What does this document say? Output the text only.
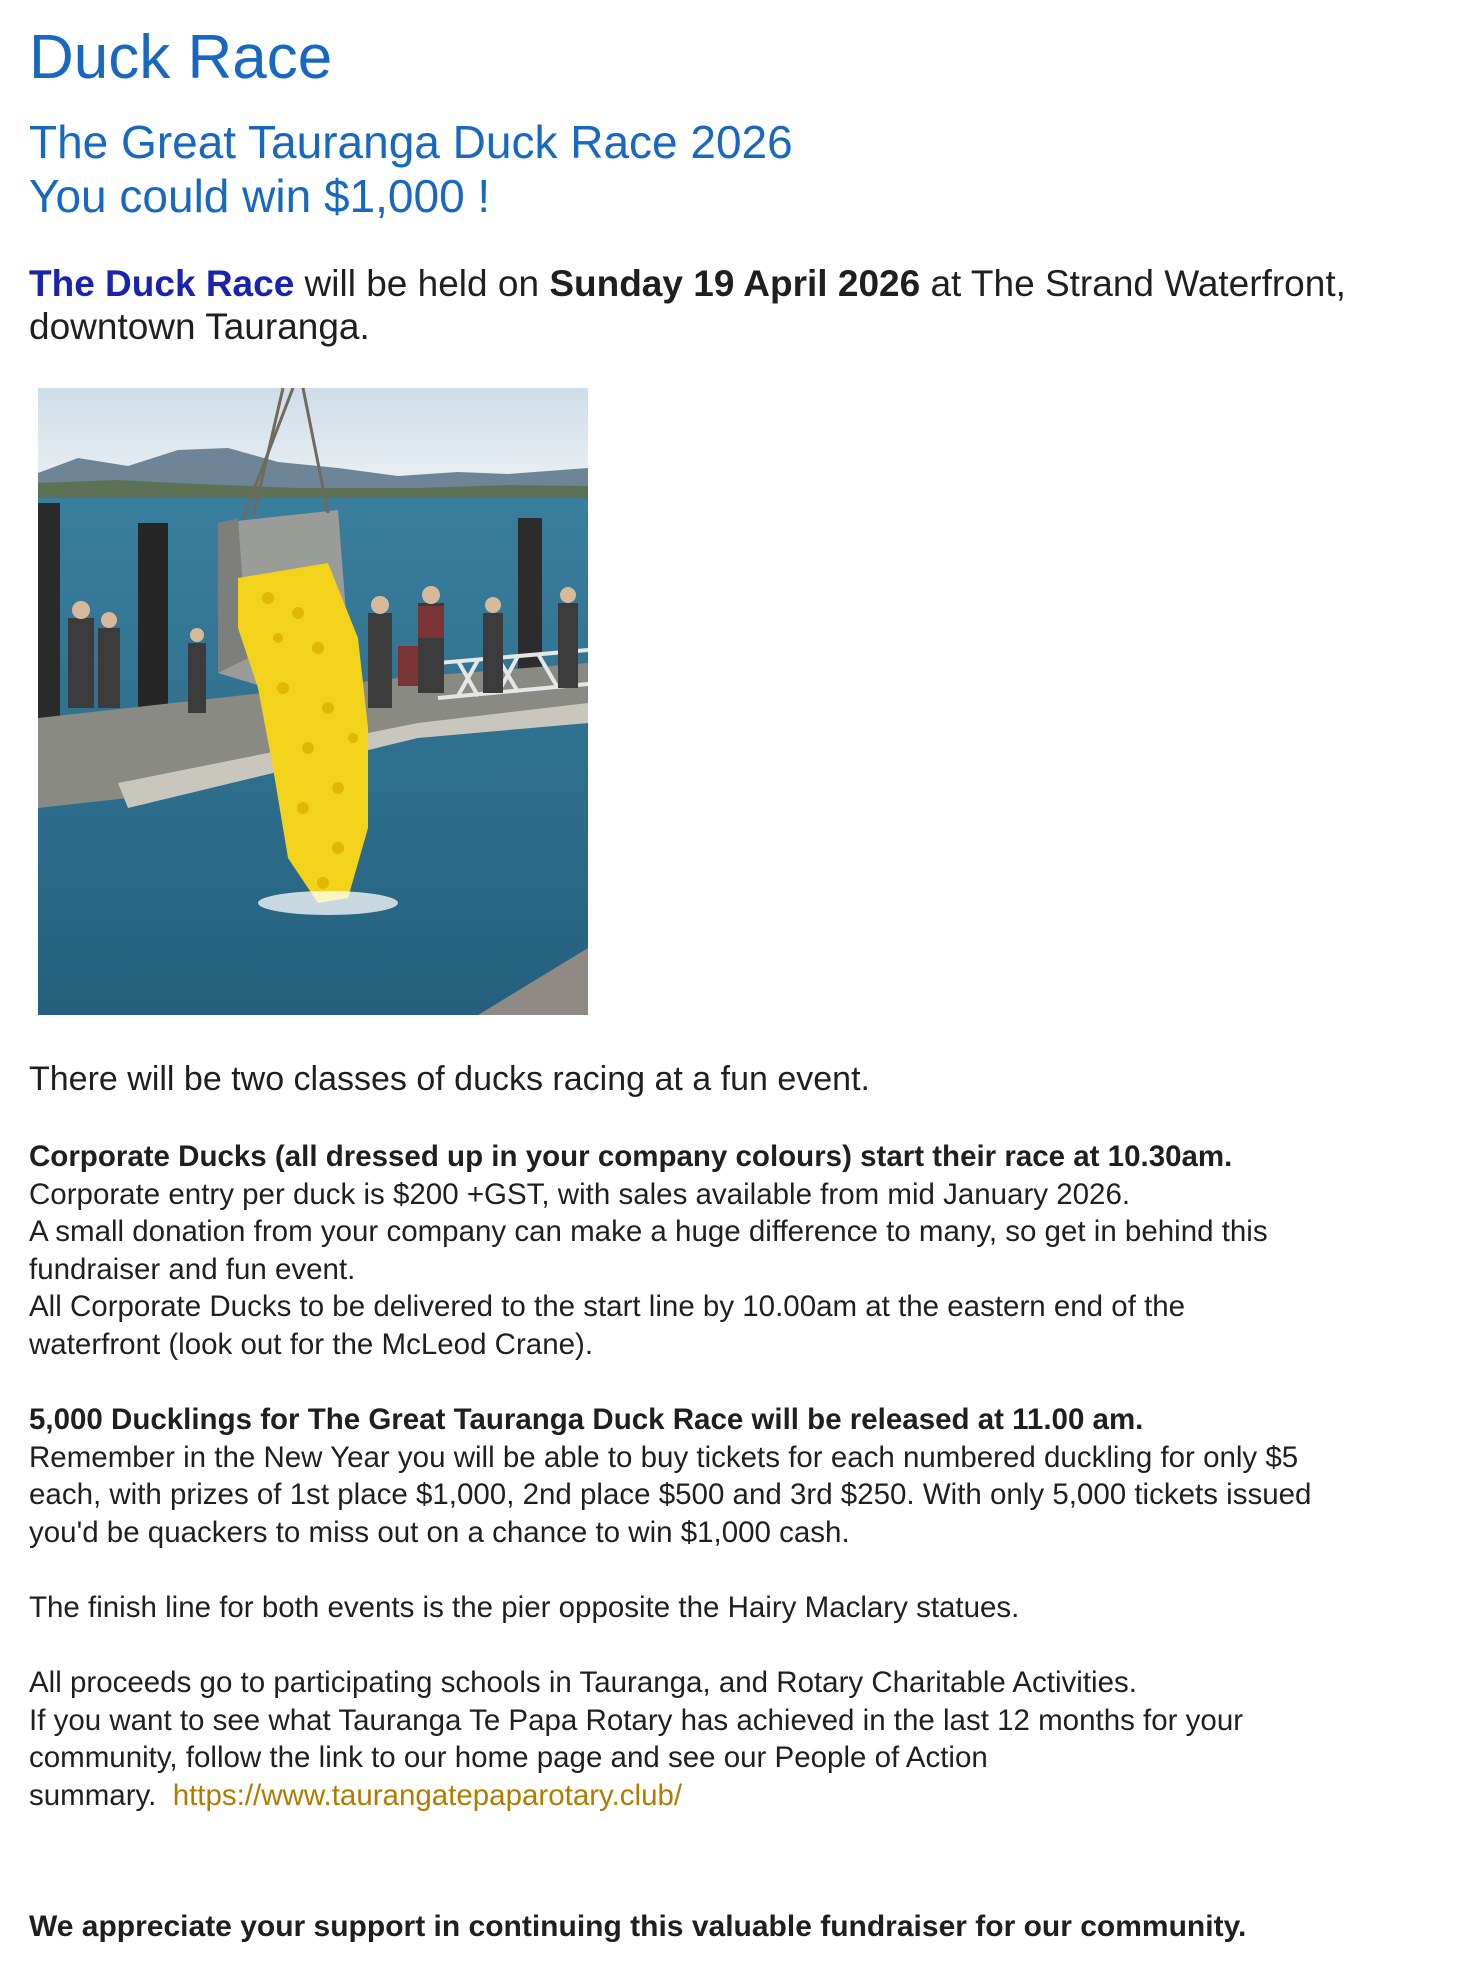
Duck Race
The Great Tauranga Duck Race 2026
You could win $1,000 !

The Duck Race will be held on Sunday 19 April 2026 at The Strand Waterfront, downtown Tauranga.

There will be two classes of ducks racing at a fun event.

Corporate Ducks (all dressed up in your company colours) start their race at 10.30am.
Corporate entry per duck is $200 +GST, with sales available from mid January 2026.
A small donation from your company can make a huge difference to many, so get in behind this
fundraiser and fun event.
All Corporate Ducks to be delivered to the start line by 10.00am at the eastern end of the
waterfront (look out for the McLeod Crane).
5,000 Ducklings for The Great Tauranga Duck Race will be released at 11.00 am.
Remember in the New Year you will be able to buy tickets for each numbered duckling for only $5
each, with prizes of 1st place $1,000, 2nd place $500 and 3rd $250. With only 5,000 tickets issued
you'd be quackers to miss out on a chance to win $1,000 cash.
The finish line for both events is the pier opposite the Hairy Maclary statues.
All proceeds go to participating schools in Tauranga, and Rotary Charitable Activities.
If you want to see what Tauranga Te Papa Rotary has achieved in the last 12 months for your
community, follow the link to our home page and see our People of Action
summary.  https://www.taurangatepaparotary.club/

We appreciate your support in continuing this valuable fundraiser for our community.
